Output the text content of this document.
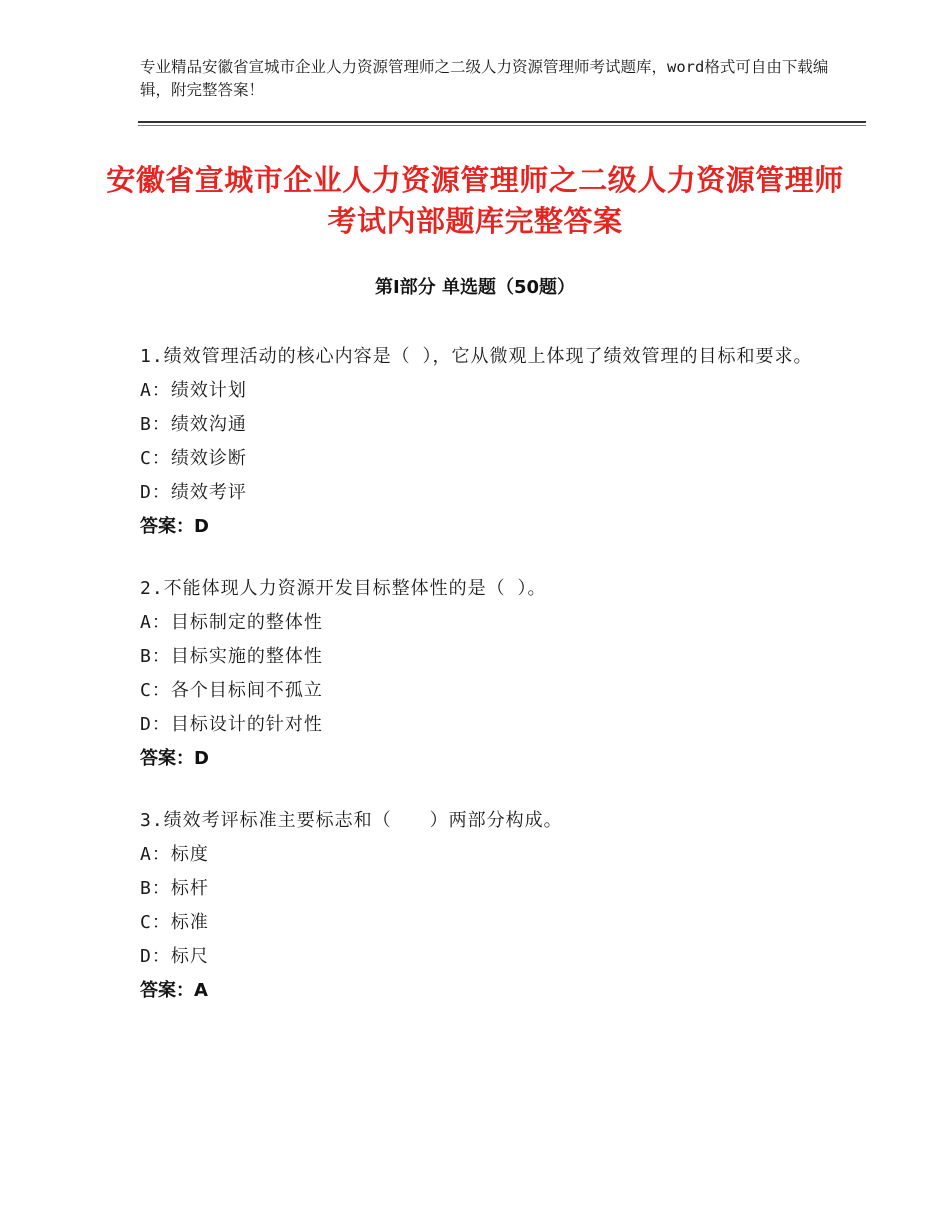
专业精品安徽省宣城市企业人力资源管理师之二级人力资源管理师考试题库，word格式可自由下载编辑，附完整答案！
安徽省宣城市企业人力资源管理师之二级人力资源管理师考试内部题库完整答案
第Ⅰ部分 单选题（50题）

1.绩效管理活动的核心内容是（ ），它从微观上体现了绩效管理的目标和要求。

A：绩效计划

B：绩效沟通

C：绩效诊断

D：绩效考评

答案：D

2.不能体现人力资源开发目标整体性的是（ ）。

A：目标制定的整体性

B：目标实施的整体性

C：各个目标间不孤立

D：目标设计的针对性

答案：D

3.绩效考评标准主要标志和（　　）两部分构成。

A：标度

B：标杆

C：标准

D：标尺

答案：A
